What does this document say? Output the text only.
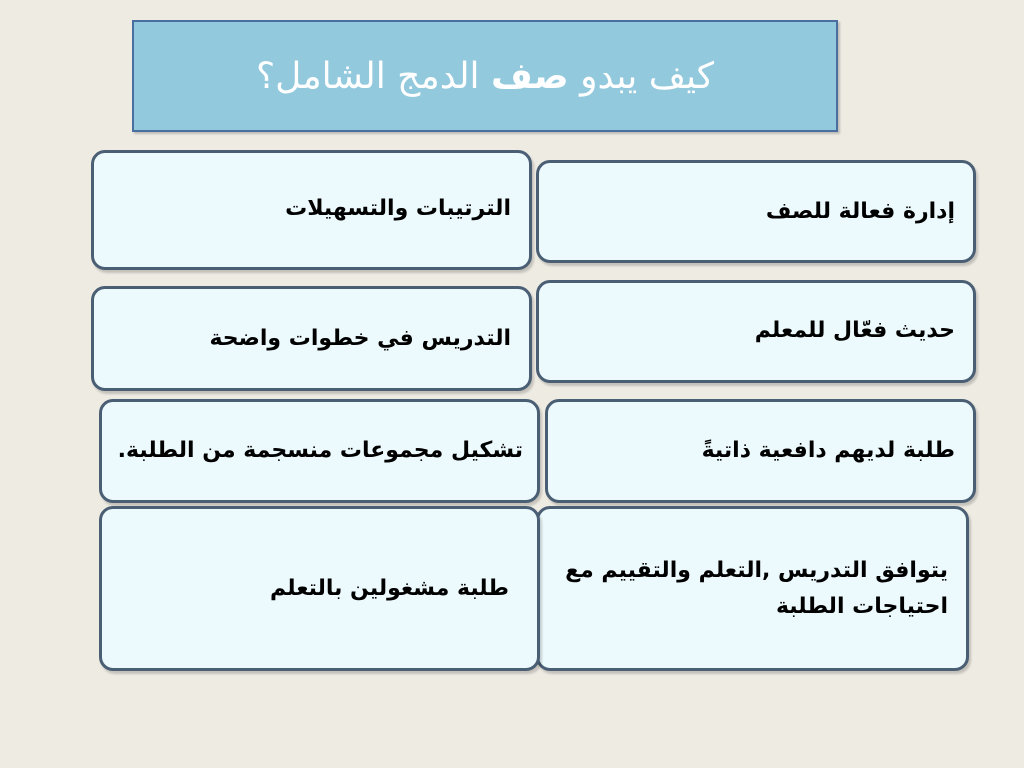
كيف يبدو صف الدمج الشامل؟
إدارة فعالة للصف
حديث فعّال للمعلم
طلبة لديهم دافعية ذاتيةً
يتوافق التدريس ,التعلم والتقييم مع احتياجات الطلبة
الترتيبات والتسهيلات
التدريس في خطوات واضحة
تشكيل مجموعات منسجمة من الطلبة.
طلبة مشغولين بالتعلم
